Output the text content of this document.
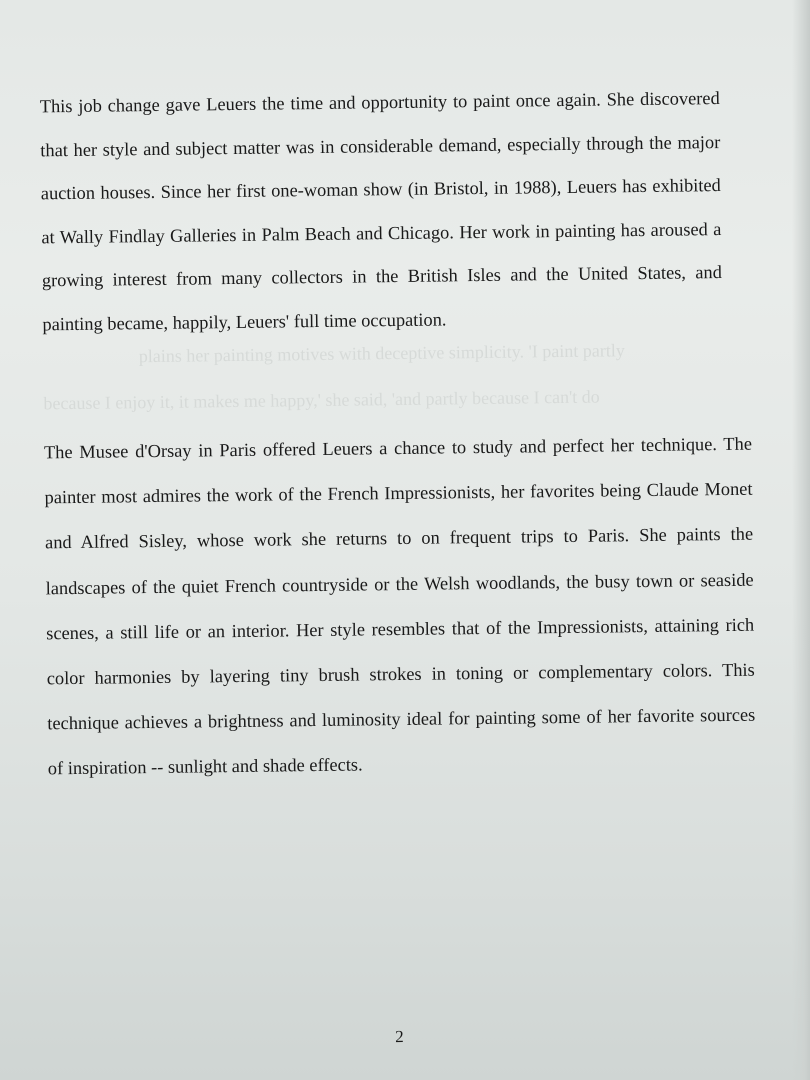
plains her painting motives with deceptive simplicity. 'I paint partly
because I enjoy it, it makes me happy,' she said, 'and partly because I can't do

This job change gave Leuers the time and opportunity to paint once again. She discovered that her style and subject matter was in considerable demand, especially through the major auction houses. Since her first one-woman show (in Bristol, in 1988), Leuers has exhibited at Wally Findlay Galleries in Palm Beach and Chicago. Her work in painting has aroused a growing interest from many collectors in the British Isles and the United States, and painting became, happily, Leuers' full time occupation.

The Musee d'Orsay in Paris offered Leuers a chance to study and perfect her technique. The painter most admires the work of the French Impressionists, her favorites being Claude Monet and Alfred Sisley, whose work she returns to on frequent trips to Paris. She paints the landscapes of the quiet French countryside or the Welsh woodlands, the busy town or seaside scenes, a still life or an interior. Her style resembles that of the Impressionists, attaining rich color harmonies by layering tiny brush strokes in toning or complementary colors. This technique achieves a brightness and luminosity ideal for painting some of her favorite sources of inspiration -- sunlight and shade effects.

2
